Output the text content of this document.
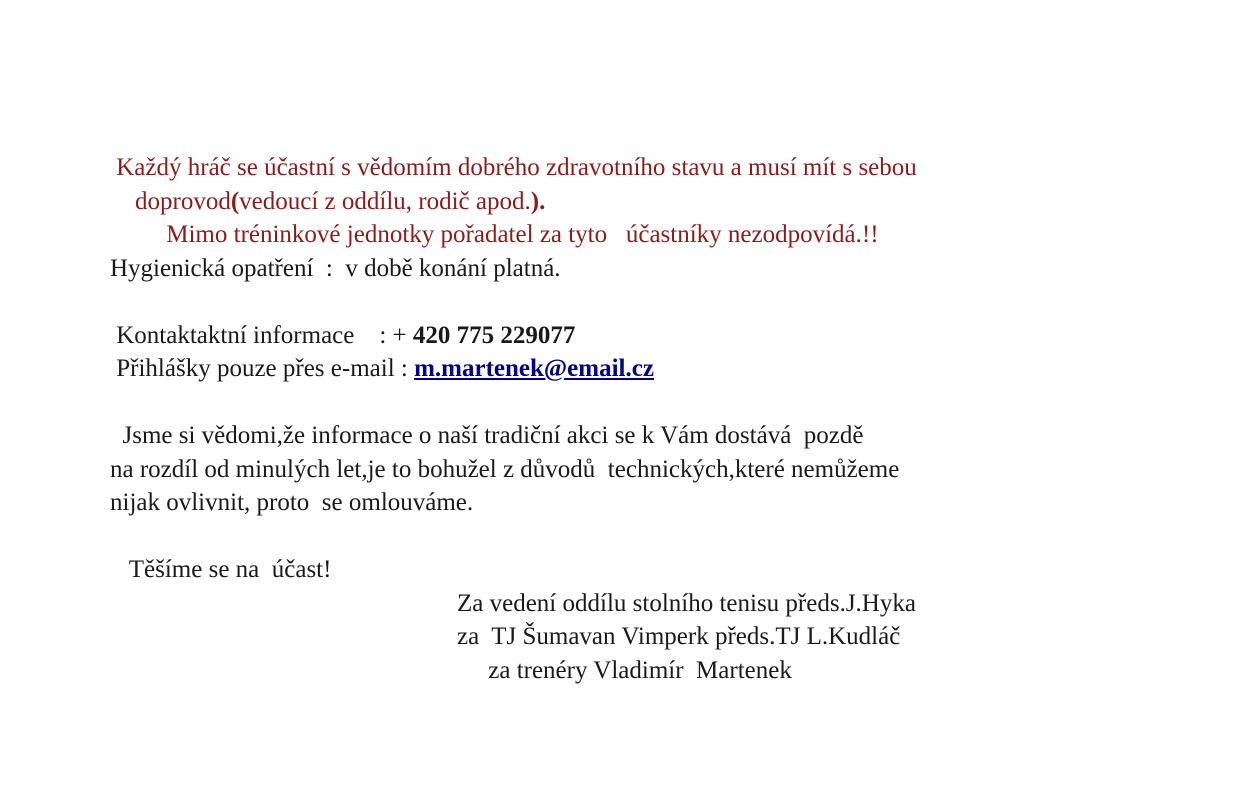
Každý hráč se účastní s vědomím dobrého zdravotního stavu a musí mít s sebou
doprovod(vedoucí z oddílu, rodič apod.).
Mimo tréninkové jednotky pořadatel za tyto   účastníky nezodpovídá.!!
Hygienická opatření  :  v době konání platná.

Kontaktaktní informace    : + 420 775 229077
Přihlášky pouze přes e-mail : m.martenek@email.cz

Jsme si vědomi,že informace o naší tradiční akci se k Vám dostává  pozdě
na rozdíl od minulých let,je to bohužel z důvodů  technických,které nemůžeme
nijak ovlivnit, proto  se omlouváme.

Těšíme se na  účast!
Za vedení oddílu stolního tenisu předs.J.Hyka
za  TJ Šumavan Vimperk předs.TJ L.Kudláč
za trenéry Vladimír  Martenek
